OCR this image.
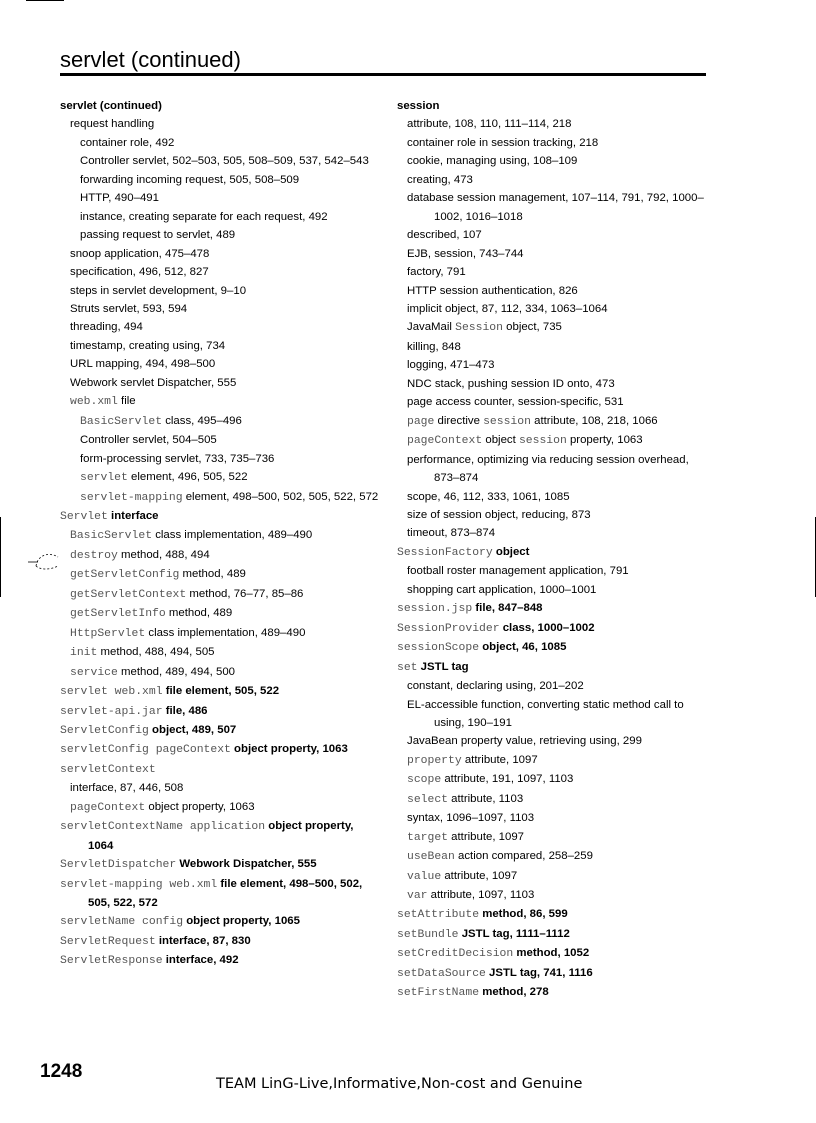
servlet (continued)
servlet (continued)
request handling
container role, 492
Controller servlet, 502–503, 505, 508–509, 537, 542–543
forwarding incoming request, 505, 508–509
HTTP, 490–491
instance, creating separate for each request, 492
passing request to servlet, 489
snoop application, 475–478
specification, 496, 512, 827
steps in servlet development, 9–10
Struts servlet, 593, 594
threading, 494
timestamp, creating using, 734
URL mapping, 494, 498–500
Webwork servlet Dispatcher, 555
web.xml file
BasicServlet class, 495–496
Controller servlet, 504–505
form-processing servlet, 733, 735–736
servlet element, 496, 505, 522
servlet-mapping element, 498–500, 502, 505, 522, 572
Servlet interface
BasicServlet class implementation, 489–490
destroy method, 488, 494
getServletConfig method, 489
getServletContext method, 76–77, 85–86
getServletInfo method, 489
HttpServlet class implementation, 489–490
init method, 488, 494, 505
service method, 489, 494, 500
servlet web.xml file element, 505, 522
servlet-api.jar file, 486
ServletConfig object, 489, 507
servletConfig pageContext object property, 1063
servletContext
interface, 87, 446, 508
pageContext object property, 1063
servletContextName application object property, 1064
ServletDispatcher Webwork Dispatcher, 555
servlet-mapping web.xml file element, 498–500, 502, 505, 522, 572
servletName config object property, 1065
ServletRequest interface, 87, 830
ServletResponse interface, 492
session
attribute, 108, 110, 111–114, 218
container role in session tracking, 218
cookie, managing using, 108–109
creating, 473
database session management, 107–114, 791, 792, 1000–1002, 1016–1018
described, 107
EJB, session, 743–744
factory, 791
HTTP session authentication, 826
implicit object, 87, 112, 334, 1063–1064
JavaMail Session object, 735
killing, 848
logging, 471–473
NDC stack, pushing session ID onto, 473
page access counter, session-specific, 531
page directive session attribute, 108, 218, 1066
pageContext object session property, 1063
performance, optimizing via reducing session overhead, 873–874
scope, 46, 112, 333, 1061, 1085
size of session object, reducing, 873
timeout, 873–874
SessionFactory object
football roster management application, 791
shopping cart application, 1000–1001
session.jsp file, 847–848
SessionProvider class, 1000–1002
sessionScope object, 46, 1085
set JSTL tag
constant, declaring using, 201–202
EL-accessible function, converting static method call to using, 190–191
JavaBean property value, retrieving using, 299
property attribute, 1097
scope attribute, 191, 1097, 1103
select attribute, 1103
syntax, 1096–1097, 1103
target attribute, 1097
useBean action compared, 258–259
value attribute, 1097
var attribute, 1097, 1103
setAttribute method, 86, 599
setBundle JSTL tag, 1111–1112
setCreditDecision method, 1052
setDataSource JSTL tag, 741, 1116
setFirstName method, 278
1248
TEAM LinG-Live,Informative,Non-cost and Genuine
